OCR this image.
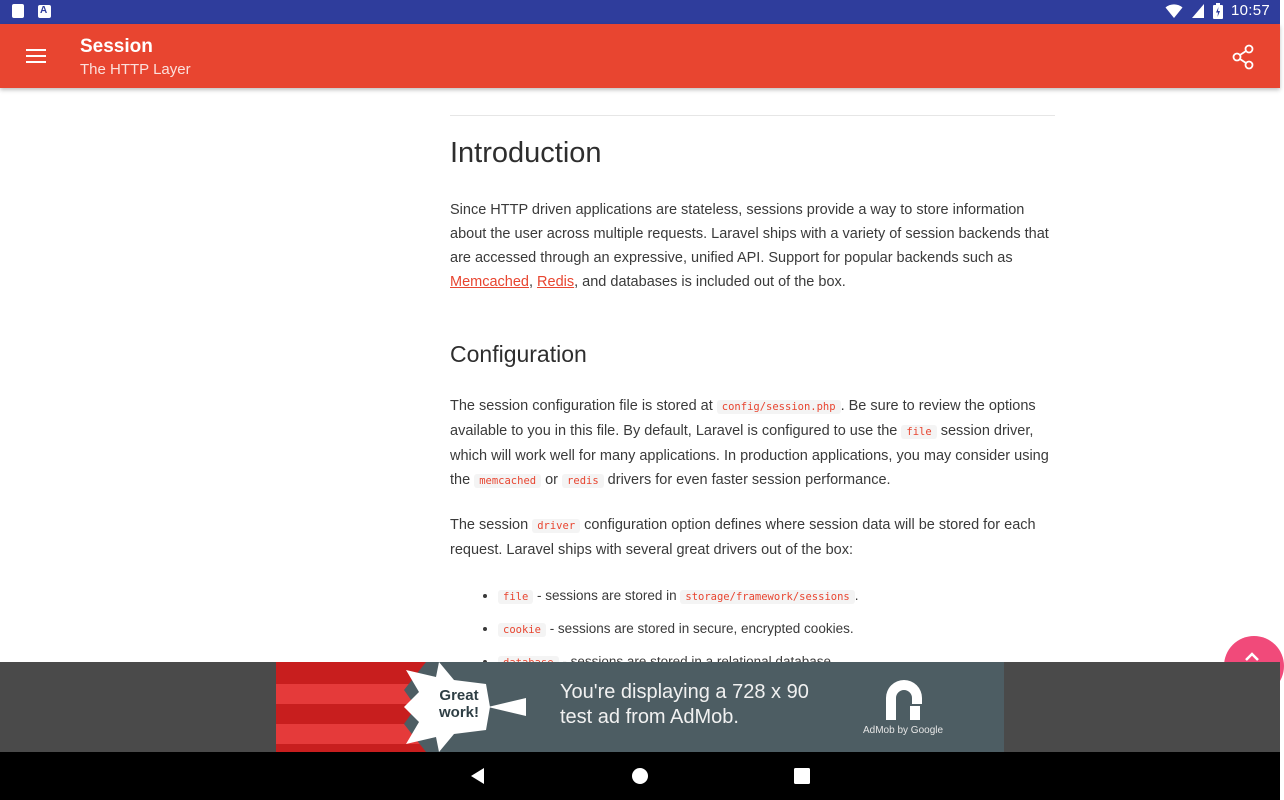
A
10:57
Session
The HTTP Layer
Introduction

Since HTTP driven applications are stateless, sessions provide a way to store information about the user across multiple requests. Laravel ships with a variety of session backends that are accessed through an expressive, unified API. Support for popular backends such as Memcached, Redis, and databases is included out of the box.

Configuration

The session configuration file is stored at config/session.php . Be sure to review the options available to you in this file. By default, Laravel is configured to use the file session driver, which will work well for many applications. In production applications, you may consider using the memcached or redis drivers for even faster session performance.

The session driver configuration option defines where session data will be stored for each request. Laravel ships with several great drivers out of the box:

• file - sessions are stored in storage/framework/sessions .
• cookie - sessions are stored in secure, encrypted cookies.
•
Great
work!
You're displaying a 728 x 90
test ad from AdMob.
AdMob by Google
